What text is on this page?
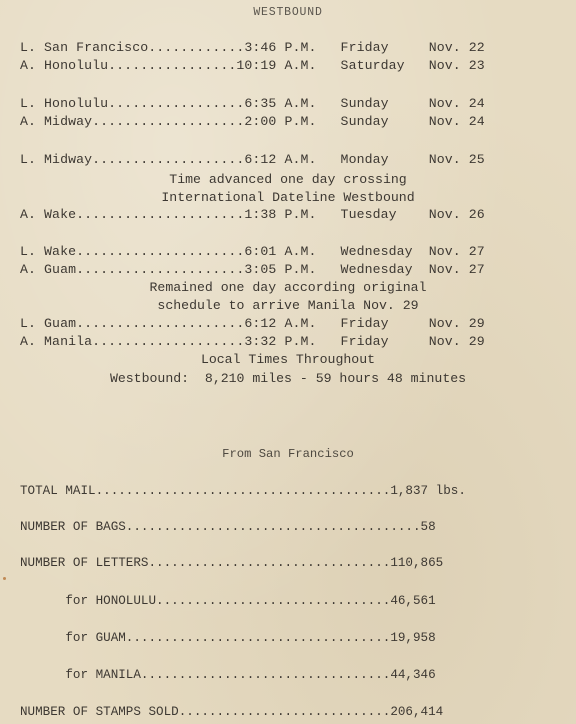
WESTBOUND
L. San Francisco............3:46 P.M.   Friday     Nov. 22
A. Honolulu................10:19 A.M.   Saturday   Nov. 23
L. Honolulu.................6:35 A.M.   Sunday     Nov. 24
A. Midway...................2:00 P.M.   Sunday     Nov. 24
L. Midway...................6:12 A.M.   Monday     Nov. 25
Time advanced one day crossing
International Dateline Westbound
A. Wake.....................1:38 P.M.   Tuesday    Nov. 26
L. Wake.....................6:01 A.M.   Wednesday  Nov. 27
A. Guam.....................3:05 P.M.   Wednesday  Nov. 27
Remained one day according original
schedule to arrive Manila Nov. 29
L. Guam.....................6:12 A.M.   Friday     Nov. 29
A. Manila...................3:32 P.M.   Friday     Nov. 29
Local Times Throughout
Westbound:  8,210 miles - 59 hours 48 minutes
From San Francisco
TOTAL MAIL.......................................1,837 lbs.
NUMBER OF BAGS.......................................58
NUMBER OF LETTERS................................110,865
for HONOLULU...............................46,561
for GUAM...................................19,958
for MANILA.................................44,346
NUMBER OF STAMPS SOLD............................206,414
